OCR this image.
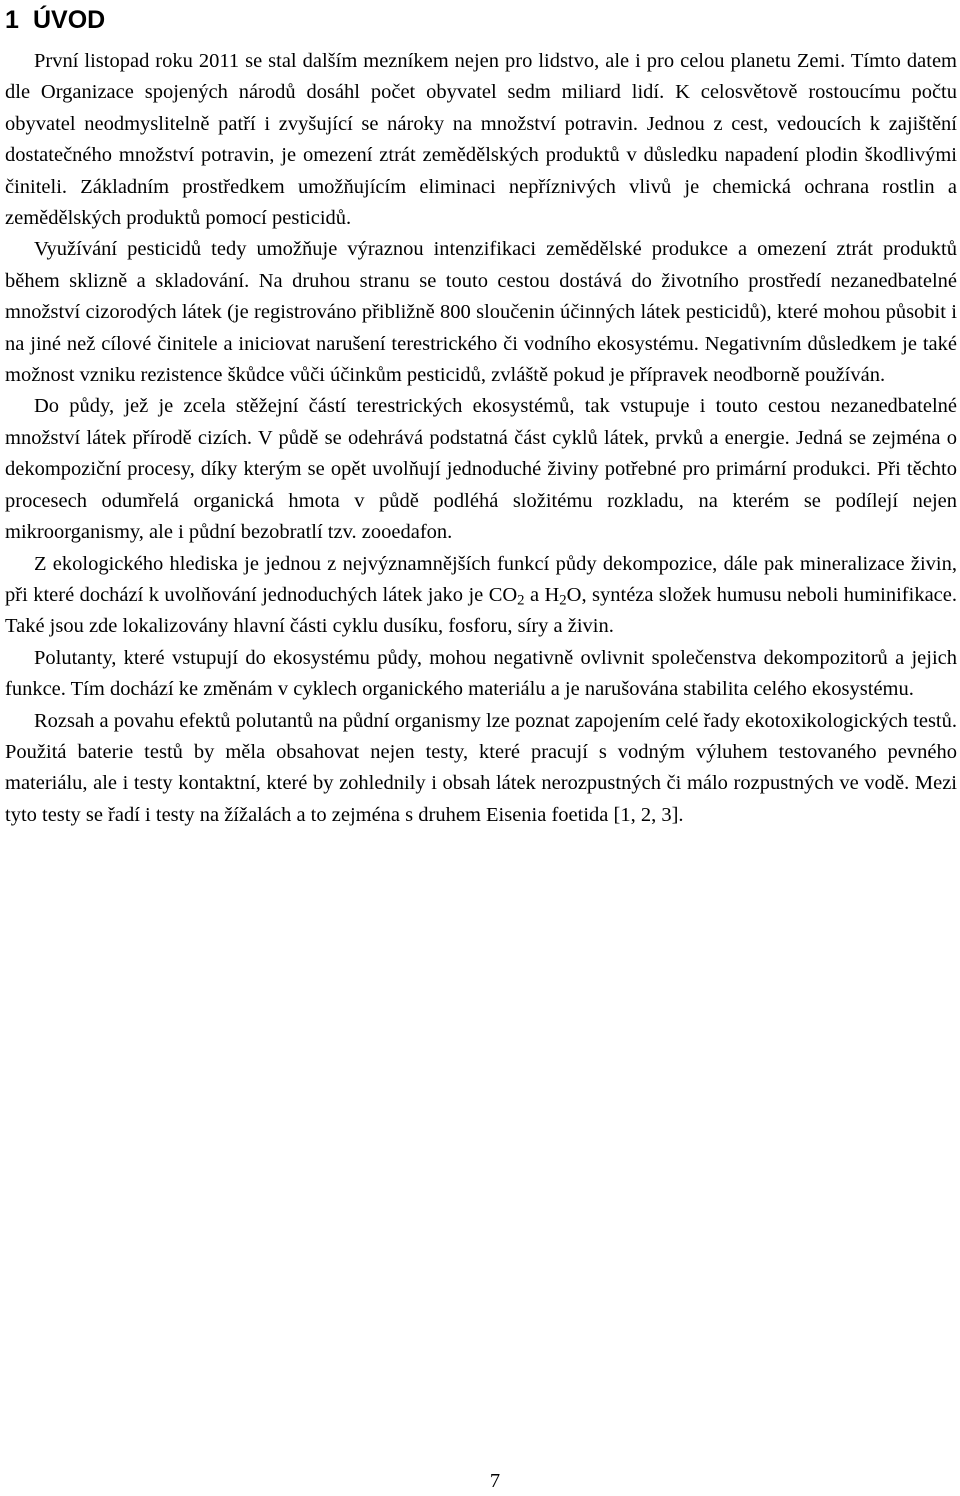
1 ÚVOD

První listopad roku 2011 se stal dalším mezníkem nejen pro lidstvo, ale i pro celou planetu Zemi. Tímto datem dle Organizace spojených národů dosáhl počet obyvatel sedm miliard lidí. K celosvětově rostoucímu počtu obyvatel neodmyslitelně patří i zvyšující se nároky na množství potravin. Jednou z cest, vedoucích k zajištění dostatečného množství potravin, je omezení ztrát zemědělských produktů v důsledku napadení plodin škodlivými činiteli. Základním prostředkem umožňujícím eliminaci nepříznivých vlivů je chemická ochrana rostlin a zemědělských produktů pomocí pesticidů.

Využívání pesticidů tedy umožňuje výraznou intenzifikaci zemědělské produkce a omezení ztrát produktů během sklizně a skladování. Na druhou stranu se touto cestou dostává do životního prostředí nezanedbatelné množství cizorodých látek (je registrováno přibližně 800 sloučenin účinných látek pesticidů), které mohou působit i na jiné než cílové činitele a iniciovat narušení terestrického či vodního ekosystému. Negativním důsledkem je také možnost vzniku rezistence škůdce vůči účinkům pesticidů, zvláště pokud je přípravek neodborně používán.

Do půdy, jež je zcela stěžejní částí terestrických ekosystémů, tak vstupuje i touto cestou nezanedbatelné množství látek přírodě cizích. V půdě se odehrává podstatná část cyklů látek, prvků a energie. Jedná se zejména o dekompoziční procesy, díky kterým se opět uvolňují jednoduché živiny potřebné pro primární produkci. Při těchto procesech odumřelá organická hmota v půdě podléhá složitému rozkladu, na kterém se podílejí nejen mikroorganismy, ale i půdní bezobratlí tzv. zooedafon.

Z ekologického hlediska je jednou z nejvýznamnějších funkcí půdy dekompozice, dále pak mineralizace živin, při které dochází k uvolňování jednoduchých látek jako je $CO_2$ a $H_2O$, syntéza složek humusu neboli huminifikace. Také jsou zde lokalizovány hlavní části cyklu dusíku, fosforu, síry a živin.

Polutanty, které vstupují do ekosystému půdy, mohou negativně ovlivnit společenstva dekompozitorů a jejich funkce. Tím dochází ke změnám v cyklech organického materiálu a je narušována stabilita celého ekosystému.

Rozsah a povahu efektů polutantů na půdní organismy lze poznat zapojením celé řady ekotoxikologických testů. Použitá baterie testů by měla obsahovat nejen testy, které pracují s vodným výluhem testovaného pevného materiálu, ale i testy kontaktní, které by zohlednily i obsah látek nerozpustných či málo rozpustných ve vodě. Mezi tyto testy se řadí i testy na žížalách a to zejména s druhem Eisenia foetida [1, 2, 3].

7
